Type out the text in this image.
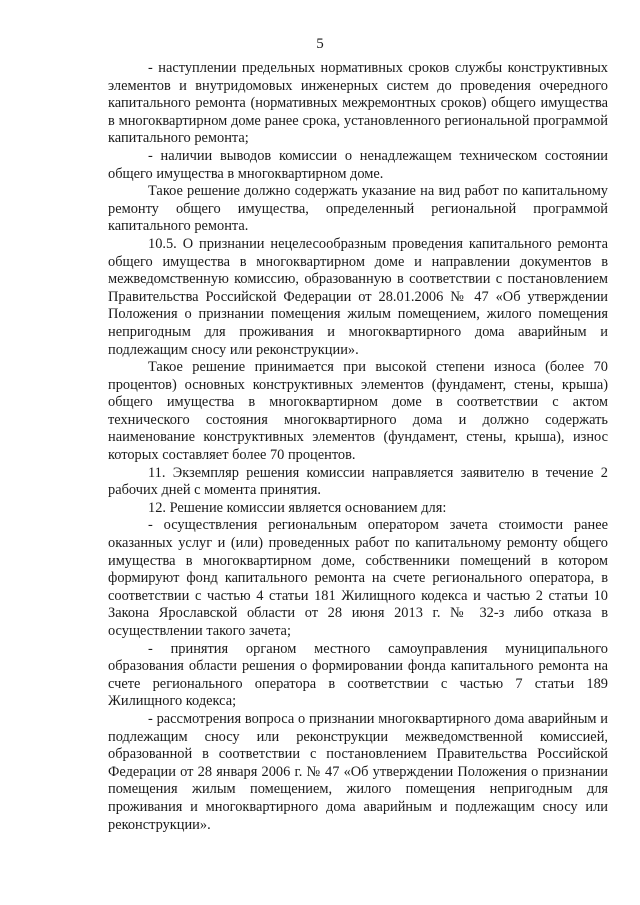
5

- наступлении предельных нормативных сроков службы конструктивных элементов и внутридомовых инженерных систем до проведения очередного капитального ремонта (нормативных межремонтных сроков) общего имущества в многоквартирном доме ранее срока, установленного региональной программой капитального ремонта;

- наличии выводов комиссии о ненадлежащем техническом состоянии общего имущества в многоквартирном доме.

Такое решение должно содержать указание на вид работ по капитальному ремонту общего имущества, определенный региональной программой капитального ремонта.

10.5. О признании нецелесообразным проведения капитального ремонта общего имущества в многоквартирном доме и направлении документов в межведомственную комиссию, образованную в соответствии с постановлением Правительства Российской Федерации от 28.01.2006 № 47 «Об утверждении Положения о признании помещения жилым помещением, жилого помещения непригодным для проживания и многоквартирного дома аварийным и подлежащим сносу или реконструкции».

Такое решение принимается при высокой степени износа (более 70 процентов) основных конструктивных элементов (фундамент, стены, крыша) общего имущества в многоквартирном доме в соответствии с актом технического состояния многоквартирного дома и должно содержать наименование конструктивных элементов (фундамент, стены, крыша), износ которых составляет более 70 процентов.

11. Экземпляр решения комиссии направляется заявителю в течение 2 рабочих дней с момента принятия.

12. Решение комиссии является основанием для:

- осуществления региональным оператором зачета стоимости ранее оказанных услуг и (или) проведенных работ по капитальному ремонту общего имущества в многоквартирном доме, собственники помещений в котором формируют фонд капитального ремонта на счете регионального оператора, в соответствии с частью 4 статьи 181 Жилищного кодекса и частью 2 статьи 10 Закона Ярославской области от 28 июня 2013 г. № 32-з либо отказа в осуществлении такого зачета;

- принятия органом местного самоуправления муниципального образования области решения о формировании фонда капитального ремонта на счете регионального оператора в соответствии с частью 7 статьи 189 Жилищного кодекса;

- рассмотрения вопроса о признании многоквартирного дома аварийным и подлежащим сносу или реконструкции межведомственной комиссией, образованной в соответствии с постановлением Правительства Российской Федерации от 28 января 2006 г. № 47 «Об утверждении Положения о признании помещения жилым помещением, жилого помещения непригодным для проживания и многоквартирного дома аварийным и подлежащим сносу или реконструкции».
